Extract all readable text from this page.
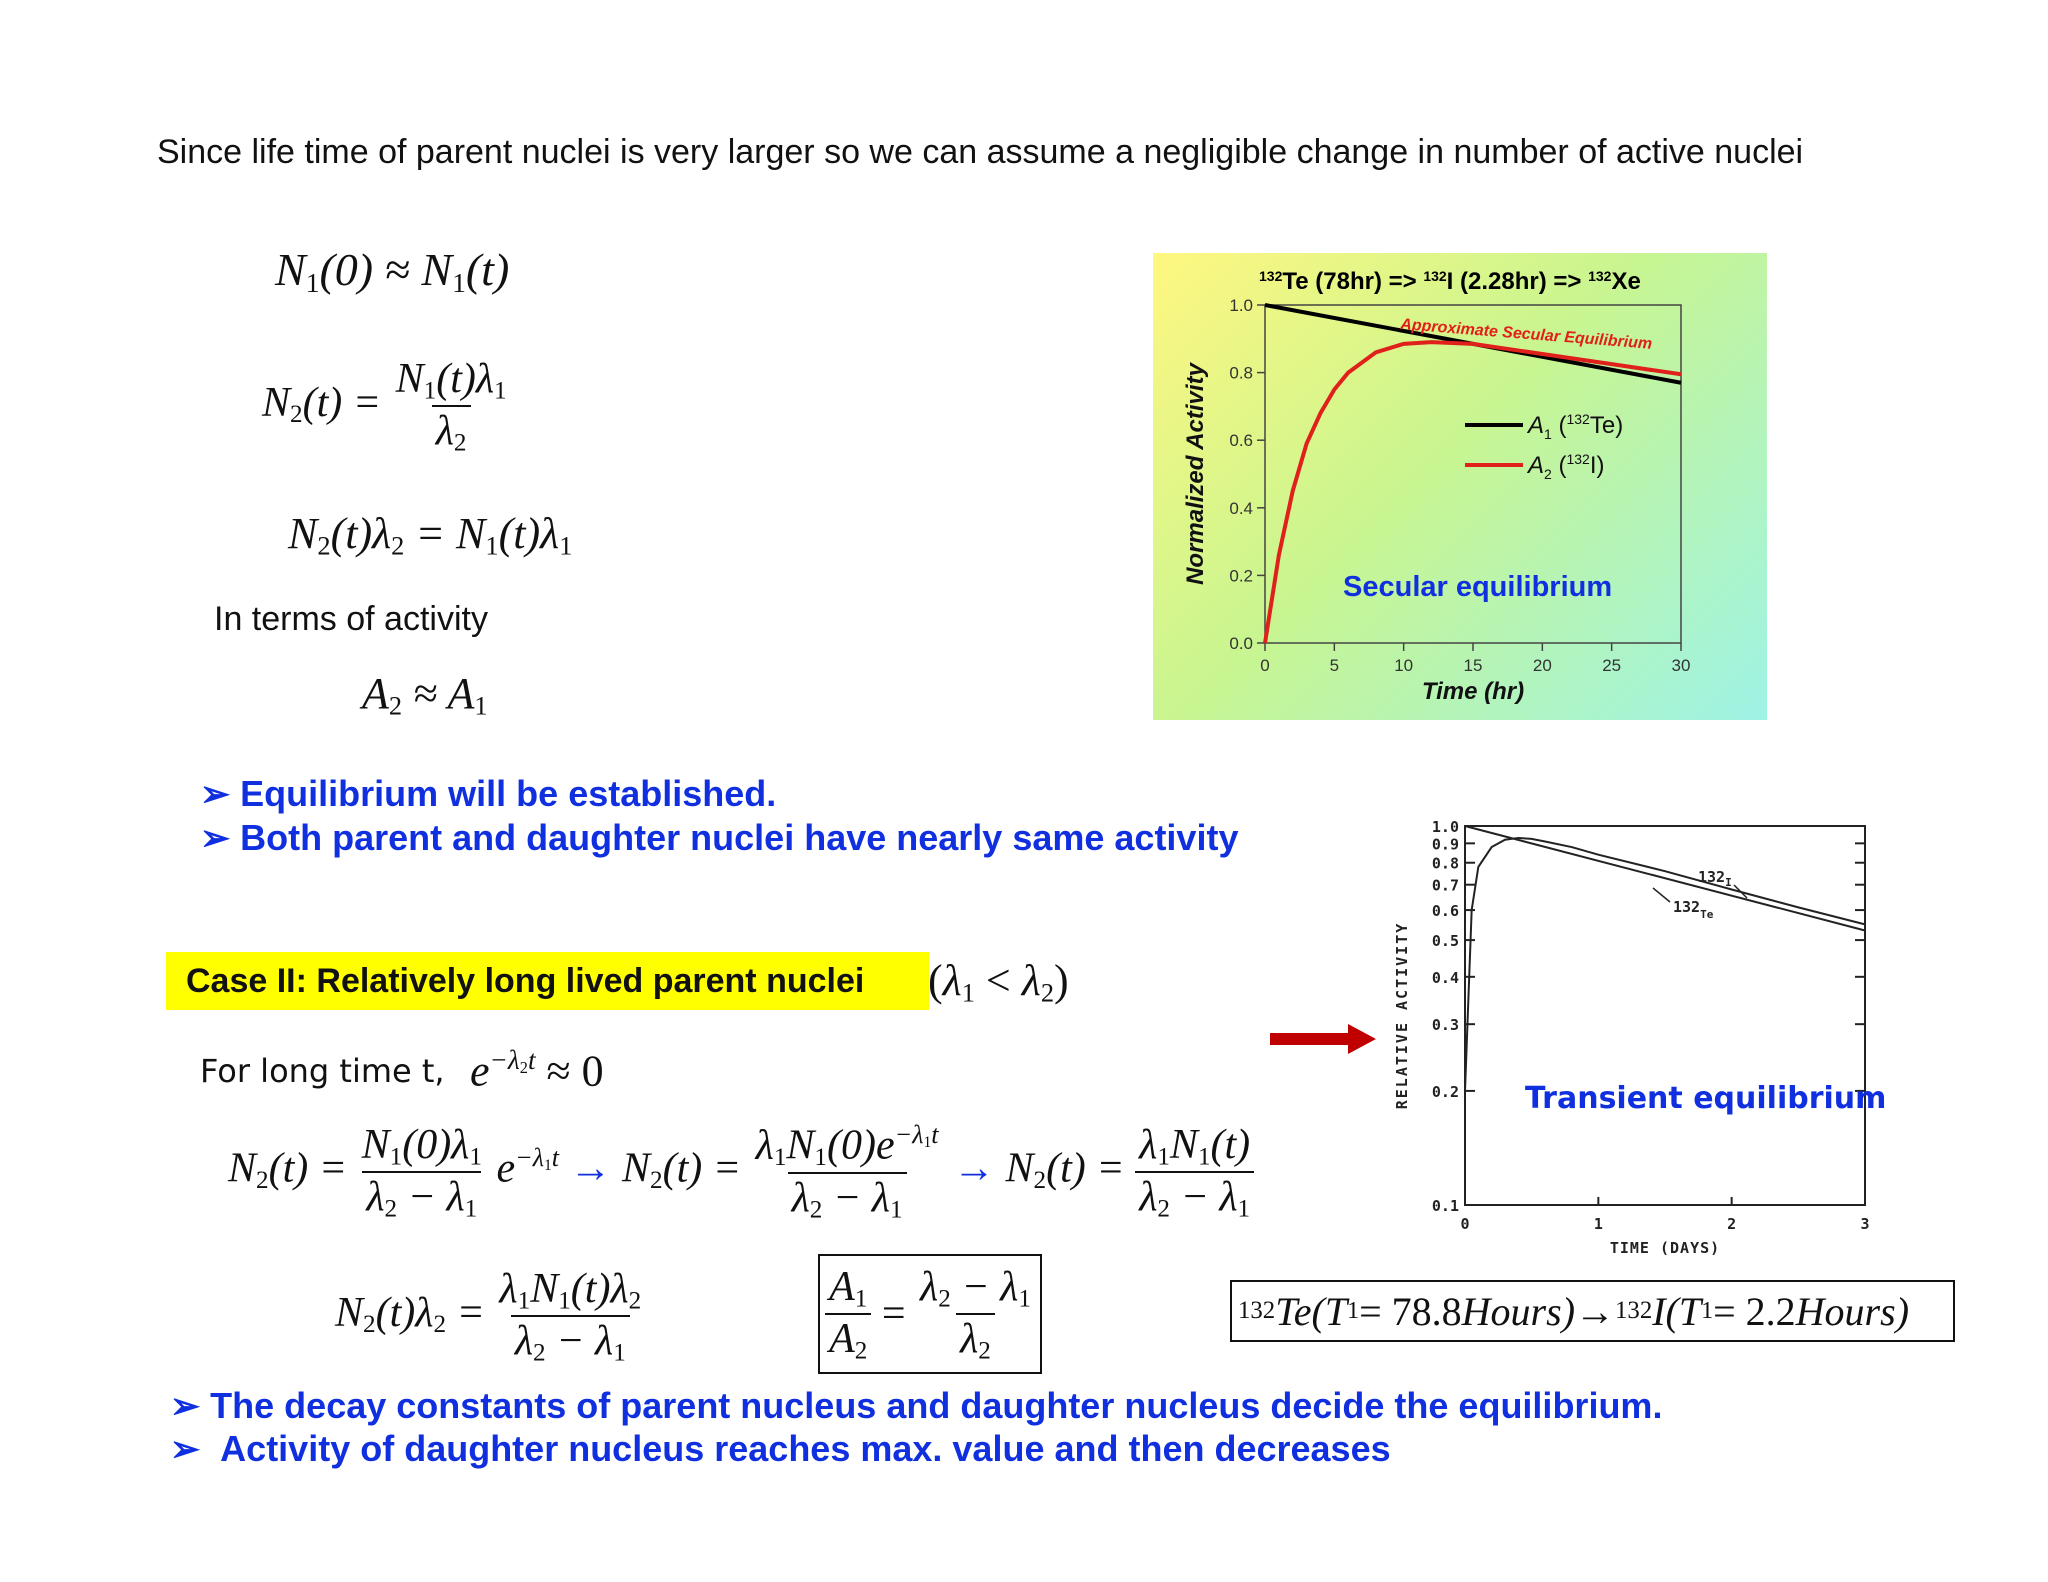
Since life time of parent nuclei is very larger so we can assume a negligible change in number of active nuclei
$N_1(0) \approx N_1(t)$
$N_2(t) = \frac{N_1(t)\lambda_1}{\lambda_2}$
$N_2(t)\lambda_2 = N_1(t)\lambda_1$
In terms of activity
$A_2 \approx A_1$
$^{132}$Te (78hr) => $^{132}$I (2.28hr) => $^{132}$Xe
0.0
0.2
0.4
0.6
0.8
1.0
0	5	10	15	20	25	30
Time (hr)
Normalized Activity
Approximate Secular Equilibrium
$A_1$ ($^{132}$Te)
$A_2$ ($^{132}$I)
Secular equilibrium
➢ Equilibrium will be established.
➢ Both parent and daughter nuclei have nearly same activity	1.0
0.9
0.8
0.7
0.6
0.5
0.4
0.3
0.2
0.1
0	1	2	3
TIME (DAYS)
RELATIVE ACTIVITY
$132_I$
$132_{Te}$
Transient equilibrium
Case II: Relatively long lived parent nuclei	$(\lambda_1 < \lambda_2)$
For long time t, $e^{-\lambda_2t} \approx 0$
$N_2(t) = \frac{N_1(0)\lambda_1}{\lambda_2 - \lambda_1} e^{-\lambda_1t} \to N_2(t) = \frac{\lambda_1N_1(0)e^{-\lambda_1t}}{\lambda_2 - \lambda_1} \to N_2(t) = \frac{\lambda_1N_1(t)}{\lambda_2 - \lambda_1}$
$N_2(t)\lambda_2 = \frac{\lambda_1N_1(t)\lambda_2}{\lambda_2 - \lambda_1}$	$\frac{A_1}{A_2} = \frac{\lambda_2 - \lambda_1}{\lambda_2}$	132 Te(T 1 = 78.8 Hours) → 132 I(T 1 = 2.2 Hours)
➢ The decay constants of parent nucleus and daughter nucleus decide the equilibrium.
➢  Activity of daughter nucleus reaches max. value and then decreases
